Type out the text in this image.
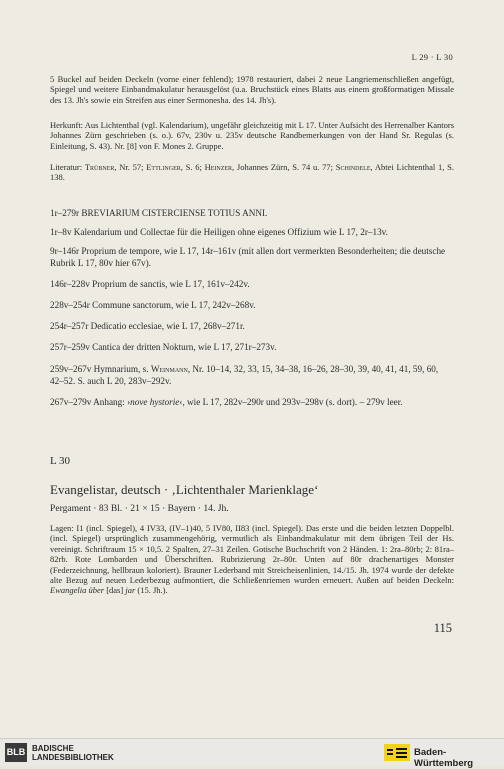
L 29 · L 30
5 Buckel auf beiden Deckeln (vorne einer fehlend); 1978 restauriert, dabei 2 neue Langriemenschließen angefügt, Spiegel und weitere Einbandmakulatur herausgelöst (u.a. Bruchstück eines Blatts aus einem großformatigen Missale des 13. Jh's sowie ein Streifen aus einer Sermonesha. des 14. Jh's).
Herkunft: Aus Lichtenthal (vgl. Kalendarium), ungefähr gleichzeitig mit L 17. Unter Aufsicht des Herrenalber Kantors Johannes Zürn geschrieben (s. o.). 67v, 230v u. 235v deutsche Randbemerkungen von der Hand Sr. Regulas (s. Einleitung, S. 43). Nr. [8] von F. Mones 2. Gruppe.
Literatur: Trübner, Nr. 57; Ettlinger, S. 6; Heinzer, Johannes Zürn, S. 74 u. 77; Schindele, Abtei Lichtenthal 1, S. 138.
1r–279r BREVIARIUM CISTERCIENSE TOTIUS ANNI.
1r–8v Kalendarium und Collectae für die Heiligen ohne eigenes Offizium wie L 17, 2r–13v.
9r–146r Proprium de tempore, wie L 17, 14r–161v (mit allen dort vermerkten Besonderheiten; die deutsche Rubrik L 17, 80v hier 67v).
146r–228v Proprium de sanctis, wie L 17, 161v–242v.
228v–254r Commune sanctorum, wie L 17, 242v–268v.
254r–257r Dedicatio ecclesiae, wie L 17, 268v–271r.
257r–259v Cantica der dritten Nokturn, wie L 17, 271r–273v.
259v–267v Hymnarium, s. Weinmann, Nr. 10–14, 32, 33, 15, 34–38, 16–26, 28–30, 39, 40, 41, 41, 59, 60, 42–52. S. auch L 20, 283v–292v.
267v–279v Anhang: ›nove hystorie‹, wie L 17, 282v–290r und 293v–298v (s. dort). – 279v leer.
L 30
Evangelistar, deutsch · ‚Lichtenthaler Marienklage‘
Pergament · 83 Bl. · 21 × 15 · Bayern · 14. Jh.
Lagen: I1 (incl. Spiegel), 4 IV33, (IV–1)40, 5 IV80, II83 (incl. Spiegel). Das erste und die beiden letzten Doppelbl. (incl. Spiegel) ursprünglich zusammengehörig, vermutlich als Einbandmakulatur mit dem übrigen Teil der Hs. vereinigt. Schriftraum 15 × 10,5. 2 Spalten, 27–31 Zeilen. Gotische Buchschrift von 2 Händen. 1: 2ra–80rb; 2: 81ra–82rb. Rote Lombarden und Überschriften. Rubrizierung 2r–80r. Unten auf 80r drachenartiges Monster (Federzeichnung, hellbraun koloriert). Brauner Lederband mit Streicheisenlinien, 14./15. Jh. 1974 wurde der defekte alte Bezug auf neuen Lederbezug aufmontiert, die Schließenriemen wurden erneuert. Außen auf beiden Deckeln: Ewangelia über [das] jar (15. Jh.).
115
BLB BADISCHE
LANDESBIBLIOTHEK	Baden-Württemberg
